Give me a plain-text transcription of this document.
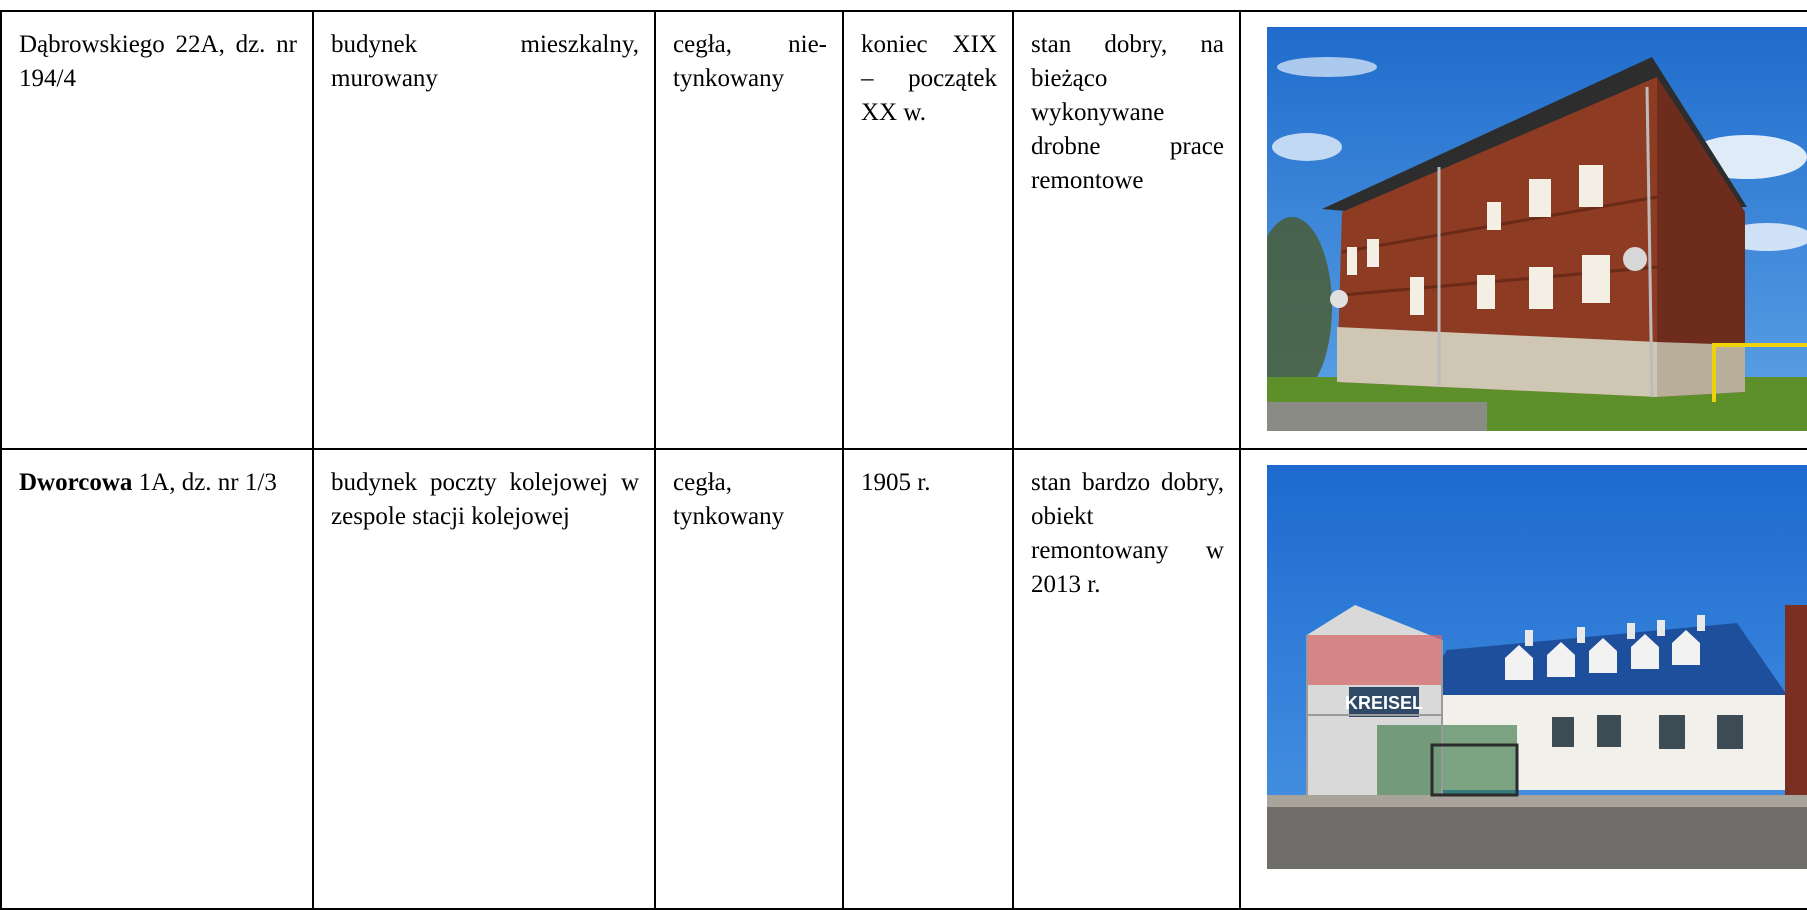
Dąbrowskiego 22A, dz. nr 194/4	budynek mieszkalny, murowany	cegła, nie-tynkowany	koniec XIX – początek XX w.	stan dobry, na bieżąco wykonywane drobne prace remontowe	

Dworcowa 1A, dz. nr 1/3	budynek poczty kolejowej w zespole stacji kolejowej	cegła, tynkowany	1905 r.	stan bardzo dobry, obiekt remontowany w 2013 r.	KREISEL
